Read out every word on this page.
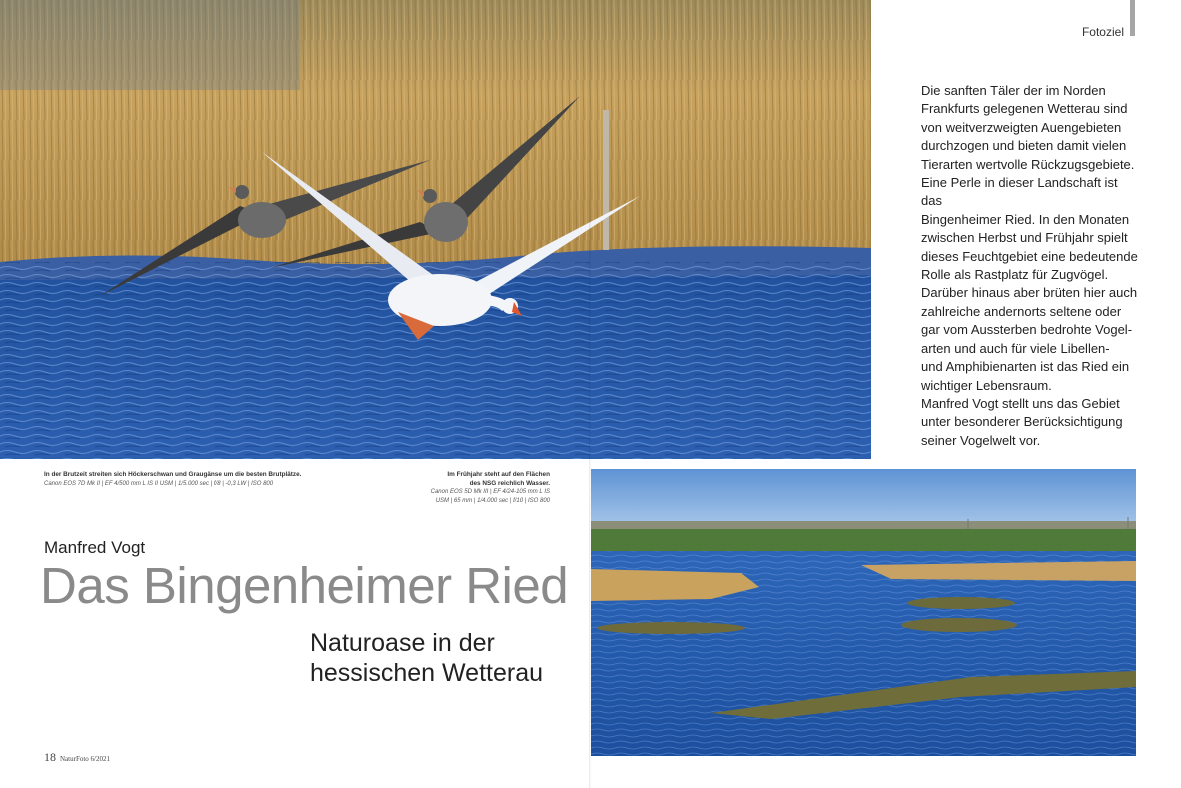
Fotoziel

Die sanften Täler der im Norden

Frankfurts gelegenen Wetterau sind

von weitverzweigten Auengebieten

durchzogen und bieten damit vielen

Tierarten wertvolle Rückzugsgebiete.

Eine Perle in dieser Landschaft ist das

Bingenheimer Ried. In den Monaten

zwischen Herbst und Frühjahr spielt

dieses Feuchtgebiet eine bedeutende

Rolle als Rastplatz für Zugvögel.

Darüber hinaus aber brüten hier auch

zahlreiche andernorts seltene oder

gar vom Aussterben bedrohte Vogel-

arten und auch für viele Libellen-

und Amphibienarten ist das Ried ein

wichtiger Lebensraum.

Manfred Vogt stellt uns das Gebiet

unter besonderer Berücksichtigung

seiner Vogelwelt vor.

In der Brutzeit streiten sich Höckerschwan und Graugänse um die besten Brutplätze.
Canon EOS 7D Mk II | EF 4/500 mm L IS II USM | 1/5.000 sec | f/8 | -0,3 LW | ISO 800
Im Frühjahr steht auf den Flächen
des NSG reichlich Wasser.
Canon EOS 5D Mk III | EF 4/24-105 mm L IS
USM | 65 mm | 1/4.000 sec | f/10 | ISO 800
Manfred Vogt
Das Bingenheimer Ried
Naturoase in der
hessischen Wetterau
18 NaturFoto 6/2021
